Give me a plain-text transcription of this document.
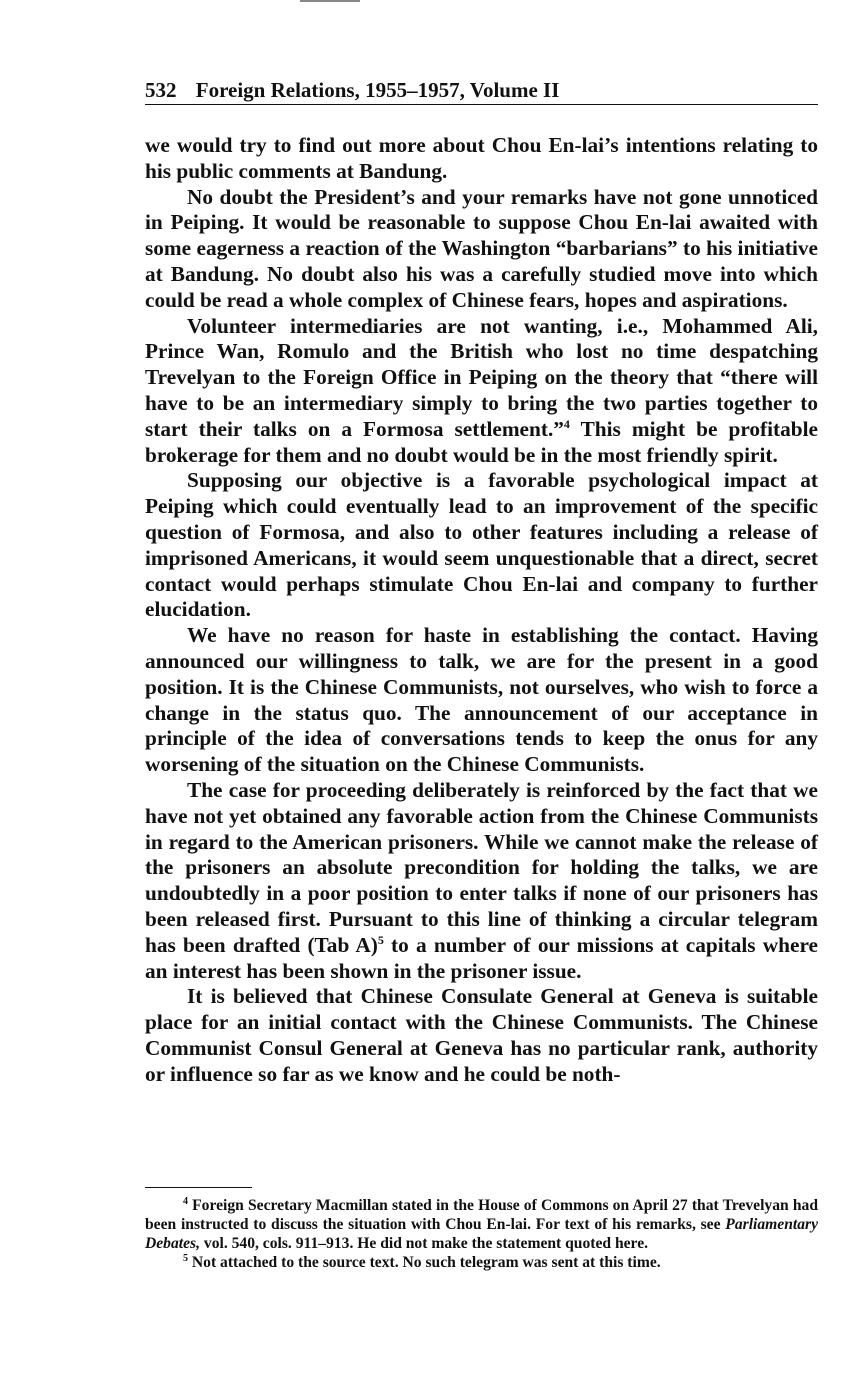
532 Foreign Relations, 1955–1957, Volume II

we would try to find out more about Chou En-lai’s intentions relating to his public comments at Bandung.

No doubt the President’s and your remarks have not gone unnoticed in Peiping. It would be reasonable to suppose Chou En-lai awaited with some eagerness a reaction of the Washington “barbarians” to his initiative at Bandung. No doubt also his was a carefully studied move into which could be read a whole complex of Chinese fears, hopes and aspirations.

Volunteer intermediaries are not wanting, i.e., Mohammed Ali, Prince Wan, Romulo and the British who lost no time despatching Trevelyan to the Foreign Office in Peiping on the theory that “there will have to be an intermediary simply to bring the two parties together to start their talks on a Formosa settlement.”$^4$ This might be profitable brokerage for them and no doubt would be in the most friendly spirit.

Supposing our objective is a favorable psychological impact at Peiping which could eventually lead to an improvement of the specific question of Formosa, and also to other features including a release of imprisoned Americans, it would seem unquestionable that a direct, secret contact would perhaps stimulate Chou En-lai and company to further elucidation.

We have no reason for haste in establishing the contact. Having announced our willingness to talk, we are for the present in a good position. It is the Chinese Communists, not ourselves, who wish to force a change in the status quo. The announcement of our acceptance in principle of the idea of conversations tends to keep the onus for any worsening of the situation on the Chinese Communists.

The case for proceeding deliberately is reinforced by the fact that we have not yet obtained any favorable action from the Chinese Communists in regard to the American prisoners. While we cannot make the release of the prisoners an absolute precondition for holding the talks, we are undoubtedly in a poor position to enter talks if none of our prisoners has been released first. Pursuant to this line of thinking a circular telegram has been drafted (Tab A)$^5$ to a number of our missions at capitals where an interest has been shown in the prisoner issue.

It is believed that Chinese Consulate General at Geneva is suitable place for an initial contact with the Chinese Communists. The Chinese Communist Consul General at Geneva has no particular rank, authority or influence so far as we know and he could be noth-

$^4$ Foreign Secretary Macmillan stated in the House of Commons on April 27 that Trevelyan had been instructed to discuss the situation with Chou En-lai. For text of his remarks, see Parliamentary Debates, vol. 540, cols. 911–913. He did not make the statement quoted here.

$^5$ Not attached to the source text. No such telegram was sent at this time.
